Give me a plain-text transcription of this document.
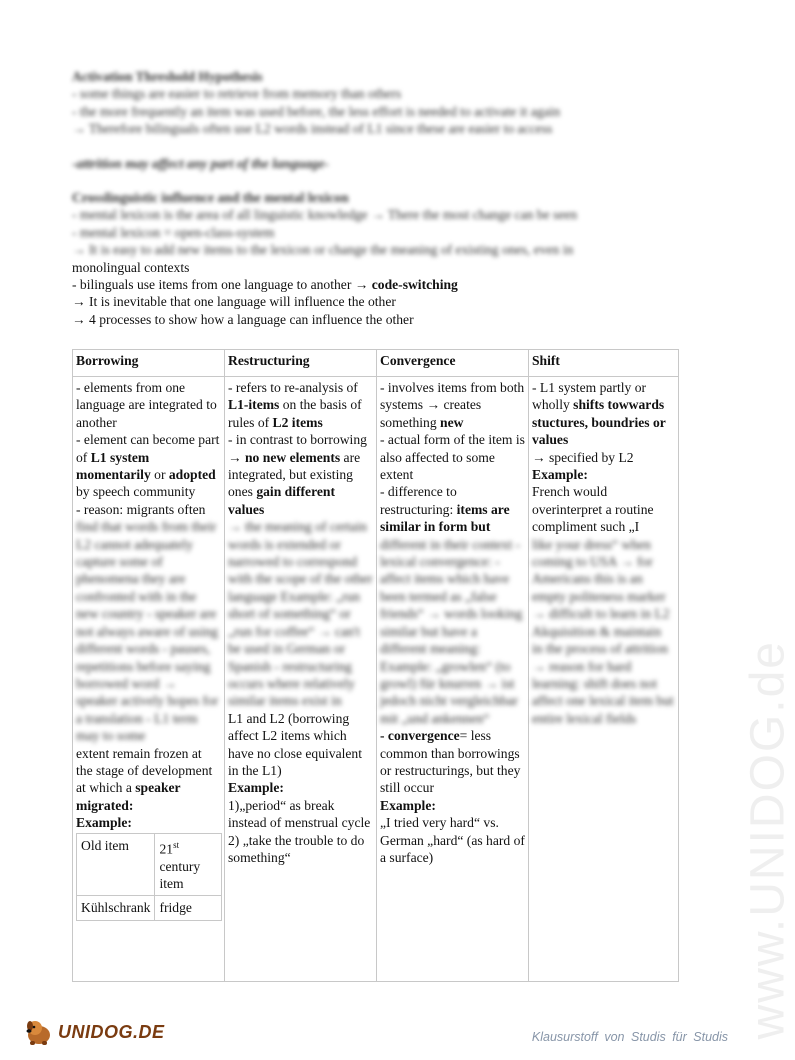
www.UNIDOG.de
Activation Threshold Hypothesis
- some things are easier to retrieve from memory than others
- the more frequently an item was used before, the less effort is needed to activate it again
→ Therefore bilinguals often use L2 words instead of L1 since these are easier to access
-attrition may affect any part of the language-
Crosslinguistic influence and the mental lexicon
- mental lexicon is the area of all linguistic knowledge → There the most change can be seen
- mental lexicon = open-class-system
→ It is easy to add new items to the lexicon or change the meaning of existing ones, even in
monolingual contexts
- bilinguals use items from one language to another → code-switching
→ It is inevitable that one language will influence the other
→ 4 processes to show how a language can influence the other
Borrowing	Restructuring	Convergence	Shift

- elements from one language are integrated to another
- element can become part of L1 system momentarily or adopted by speech community
- reason: migrants often
find that words from their L2 cannot adequately capture some of phenomena they are confronted with in the new country - speaker are not always aware of using different words - pauses, repetitions before saying borrowed word → speaker actively hopes for a translation - L1 term may to some
extent remain frozen at the stage of development at which a speaker migrated:
Example:
Old item	21st century item
Kühlschrank	fridge

- refers to re-analysis of L1-items on the basis of rules of L2 items
- in contrast to borrowing → no new elements are integrated, but existing ones gain different values
→ the meaning of certain words is extended or narrowed to correspond with the scope of the other language Example: „run short of something“ or „run for coffee“ → can't be used in German or Spanish - restructuring occurs where relatively similar items exist in
L1 and L2 (borrowing affect L2 items which have no close equivalent in the L1)
Example:
1)„period“ as break instead of menstrual cycle
2) „take the trouble to do something“

- involves items from both systems → creates something new
- actual form of the item is also affected to some extent
- difference to restructuring: items are similar in form but
different in their context - lexical convergence: - affect items which have been termed as „false friends“ → words looking similar but have a different meaning: Example: „growlen“ (to growl) für knurren → ist jedoch nicht vergleichbar mit „und ankennen“
- convergence= less common than borrowings or restructurings, but they still occur
Example:
„I tried very hard“ vs. German „hard“ (as hard of a surface)

- L1 system partly or wholly shifts towwards stuctures, boundries or values
→ specified by L2
Example:
French would overinterpret a routine compliment such „I
like your dress“ when coming to USA → for Americans this is an empty politeness marker → difficult to learn in L2 Akquisition & maintain in the process of attrition → reason for hard learning: shift does not affect one lexical item but entire lexical fields
UNIDOG.DE	Klausurstoff von Studis für Studis
